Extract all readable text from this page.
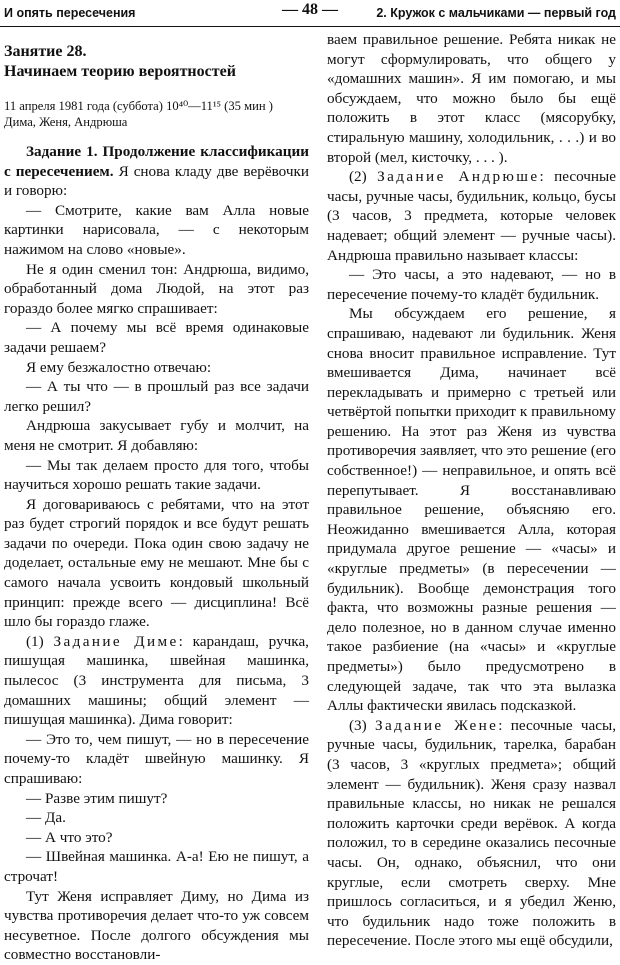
И опять пересечения	— 48 —	2. Кружок с мальчиками — первый год

Занятие 28.

Начинаем теорию вероятностей

11 апреля 1981 года (суббота) 10⁴⁰—11¹⁵ (35 мин )

Дима, Женя, Андрюша

Задание 1. Продолжение классификации с пересечением. Я снова кладу две верёвочки и говорю:

— Смотрите, какие вам Алла новые картинки нарисовала, — с некоторым нажимом на слово «новые».

Не я один сменил тон: Андрюша, видимо, обработанный дома Людой, на этот раз гораздо более мягко спрашивает:

— А почему мы всё время одинаковые задачи решаем?

Я ему безжалостно отвечаю:

— А ты что — в прошлый раз все задачи легко решил?

Андрюша закусывает губу и молчит, на меня не смотрит. Я добавляю:

— Мы так делаем просто для того, чтобы научиться хорошо решать такие задачи.

Я договариваюсь с ребятами, что на этот раз будет строгий порядок и все будут решать задачи по очереди. Пока один свою задачу не доделает, остальные ему не мешают. Мне бы с самого начала усвоить кондовый школьный принцип: прежде всего — дисциплина! Всё шло бы гораздо глаже.

(1) Задание Диме: карандаш, ручка, пишущая машинка, швейная машинка, пылесос (3 инструмента для письма, 3 домашних машины; общий элемент — пишущая машинка). Дима говорит:

— Это то, чем пишут, — но в пересечение почему-то кладёт швейную машинку. Я спрашиваю:

— Разве этим пишут?

— Да.

— А что это?

— Швейная машинка. А-а! Ею не пишут, а строчат!

Тут Женя исправляет Диму, но Дима из чувства противоречия делает что-то уж совсем несуветное. После долгого обсуждения мы совместно восстановли-

ваем правильное решение. Ребята никак не могут сформулировать, что общего у «домашних машин». Я им помогаю, и мы обсуждаем, что можно было бы ещё положить в этот класс (мясорубку, стиральную машину, холодильник, . . .) и во второй (мел, кисточку, . . . ).

(2) Задание Андрюше: песочные часы, ручные часы, будильник, кольцо, бусы (3 часов, 3 предмета, которые человек надевает; общий элемент — ручные часы). Андрюша правильно называет классы:

— Это часы, а это надевают, — но в пересечение почему-то кладёт будильник.

Мы обсуждаем его решение, я спрашиваю, надевают ли будильник. Женя снова вносит правильное исправление. Тут вмешивается Дима, начинает всё перекладывать и примерно с третьей или четвёртой попытки приходит к правильному решению. На этот раз Женя из чувства противоречия заявляет, что это решение (его собственное!) — неправильное, и опять всё перепутывает. Я восстанавливаю правильное решение, объясняю его. Неожиданно вмешивается Алла, которая придумала другое решение — «часы» и «круглые предметы» (в пересечении — будильник). Вообще демонстрация того факта, что возможны разные решения — дело полезное, но в данном случае именно такое разбиение (на «часы» и «круглые предметы») было предусмотрено в следующей задаче, так что эта вылазка Аллы фактически явилась подсказкой.

(3) Задание Жене: песочные часы, ручные часы, будильник, тарелка, барабан (3 часов, 3 «круглых предмета»; общий элемент — будильник). Женя сразу назвал правильные классы, но никак не решался положить карточки среди верёвок. А когда положил, то в середине оказались песочные часы. Он, однако, объяснил, что они круглые, если смотреть сверху. Мне пришлось согласиться, и я убедил Женю, что будильник надо тоже положить в пересечение. После этого мы ещё обсудили,
